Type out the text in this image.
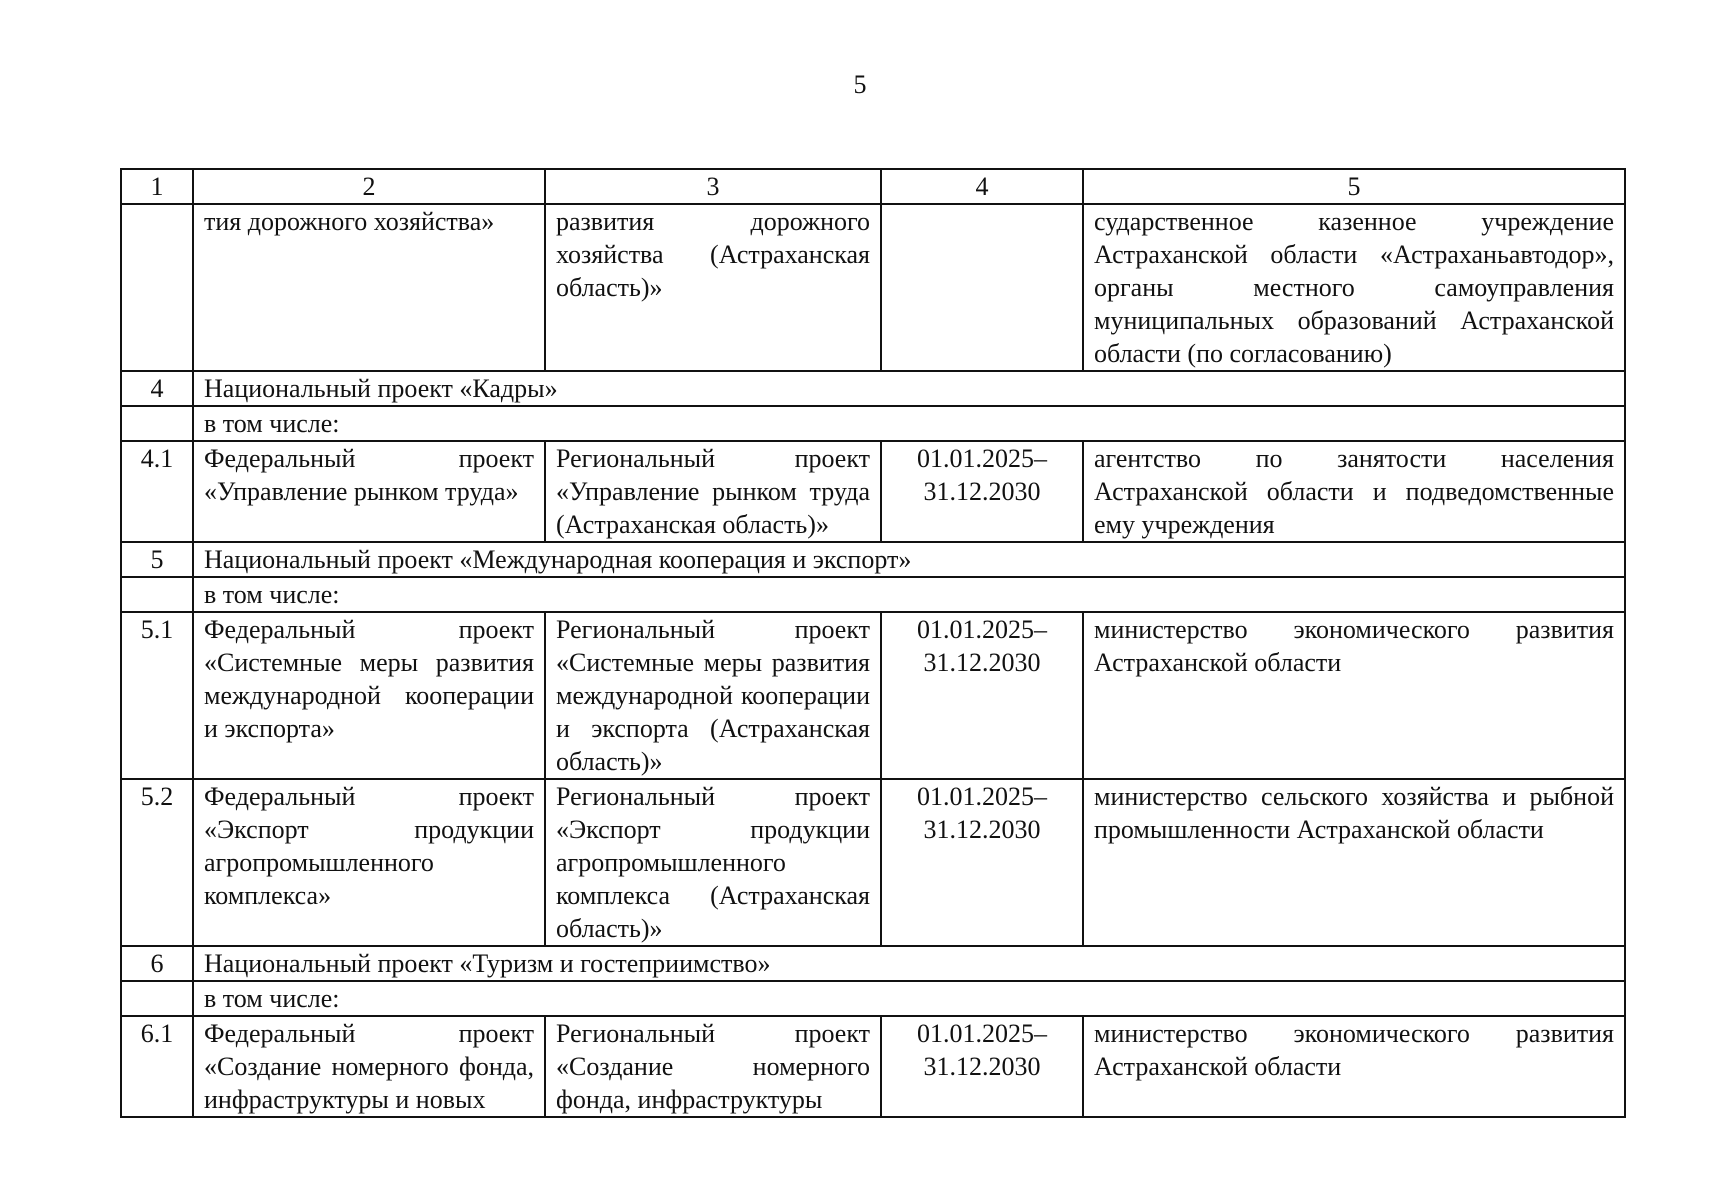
5
1	2	3	4	5
	тия дорожного хозяйства»	развития дорожного хозяйства (Астраханская область)»		сударственное казенное учреждение Астраханской области «Астраханьавтодор», органы местного самоуправления муниципальных образований Астраханской области (по согласованию)
4	Национальный проект «Кадры»			
	в том числе:			
4.1	Федеральный проект «Управление рынком труда»	Региональный проект «Управление рынком труда (Астраханская область)»	01.01.2025–31.12.2030	агентство по занятости населения Астраханской области и подведомственные ему учреждения
5	Национальный проект «Международная кооперация и экспорт»			
	в том числе:			
5.1	Федеральный проект «Системные меры развития международной кооперации и экспорта»	Региональный проект «Системные меры развития международной кооперации и экспорта (Астраханская область)»	01.01.2025–31.12.2030	министерство экономического развития Астраханской области
5.2	Федеральный проект «Экспорт продукции агропромышленного комплекса»	Региональный проект «Экспорт продукции агропромышленного комплекса (Астраханская область)»	01.01.2025–31.12.2030	министерство сельского хозяйства и рыбной промышленности Астраханской области
6	Национальный проект «Туризм и гостеприимство»			
	в том числе:			
6.1	Федеральный проект «Создание номерного фонда, инфраструктуры и новых	Региональный проект «Создание номерного фонда, инфраструктуры	01.01.2025–31.12.2030	министерство экономического развития Астраханской области
